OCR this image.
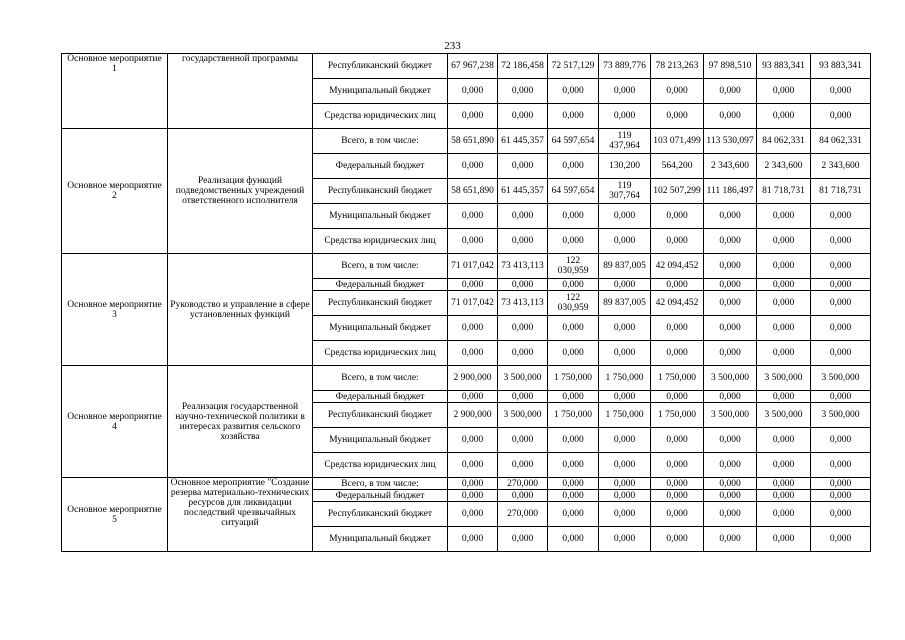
233
Основное мероприятие 1	государственной программы	Республиканский бюджет	67 967,238	72 186,458	72 517,129	73 889,776	78 213,263	97 898,510	93 883,341	93 883,341
		Муниципальный бюджет	0,000	0,000	0,000	0,000	0,000	0,000	0,000	0,000
		Средства юридических лиц	0,000	0,000	0,000	0,000	0,000	0,000	0,000	0,000
Основное мероприятие 2	Реализация функций подведомственных учреждений ответственного исполнителя	Всего, в том числе:	58 651,890	61 445,357	64 597,654	119 437,964	103 071,499	113 530,097	84 062,331	84 062,331
		Федеральный бюджет	0,000	0,000	0,000	130,200	564,200	2 343,600	2 343,600	2 343,600
		Республиканский бюджет	58 651,890	61 445,357	64 597,654	119 307,764	102 507,299	111 186,497	81 718,731	81 718,731
		Муниципальный бюджет	0,000	0,000	0,000	0,000	0,000	0,000	0,000	0,000
		Средства юридических лиц	0,000	0,000	0,000	0,000	0,000	0,000	0,000	0,000
Основное мероприятие 3	Руководство и управление в сфере установленных функций	Всего, в том числе:	71 017,042	73 413,113	122 030,959	89 837,005	42 094,452	0,000	0,000	0,000
		Федеральный бюджет	0,000	0,000	0,000	0,000	0,000	0,000	0,000	0,000
		Республиканский бюджет	71 017,042	73 413,113	122 030,959	89 837,005	42 094,452	0,000	0,000	0,000
		Муниципальный бюджет	0,000	0,000	0,000	0,000	0,000	0,000	0,000	0,000
		Средства юридических лиц	0,000	0,000	0,000	0,000	0,000	0,000	0,000	0,000
Основное мероприятие 4	Реализация государственной научно-технической политики в интересах развития сельского хозяйства	Всего, в том числе:	2 900,000	3 500,000	1 750,000	1 750,000	1 750,000	3 500,000	3 500,000	3 500,000
		Федеральный бюджет	0,000	0,000	0,000	0,000	0,000	0,000	0,000	0,000
		Республиканский бюджет	2 900,000	3 500,000	1 750,000	1 750,000	1 750,000	3 500,000	3 500,000	3 500,000
		Муниципальный бюджет	0,000	0,000	0,000	0,000	0,000	0,000	0,000	0,000
		Средства юридических лиц	0,000	0,000	0,000	0,000	0,000	0,000	0,000	0,000
Основное мероприятие 5	Основное мероприятие "Создание резерва материально-технических ресурсов для ликвидации последствий чрезвычайных ситуаций	Всего, в том числе:	0,000	270,000	0,000	0,000	0,000	0,000	0,000	0,000
		Федеральный бюджет	0,000	0,000	0,000	0,000	0,000	0,000	0,000	0,000
		Республиканский бюджет	0,000	270,000	0,000	0,000	0,000	0,000	0,000	0,000
		Муниципальный бюджет	0,000	0,000	0,000	0,000	0,000	0,000	0,000	0,000
